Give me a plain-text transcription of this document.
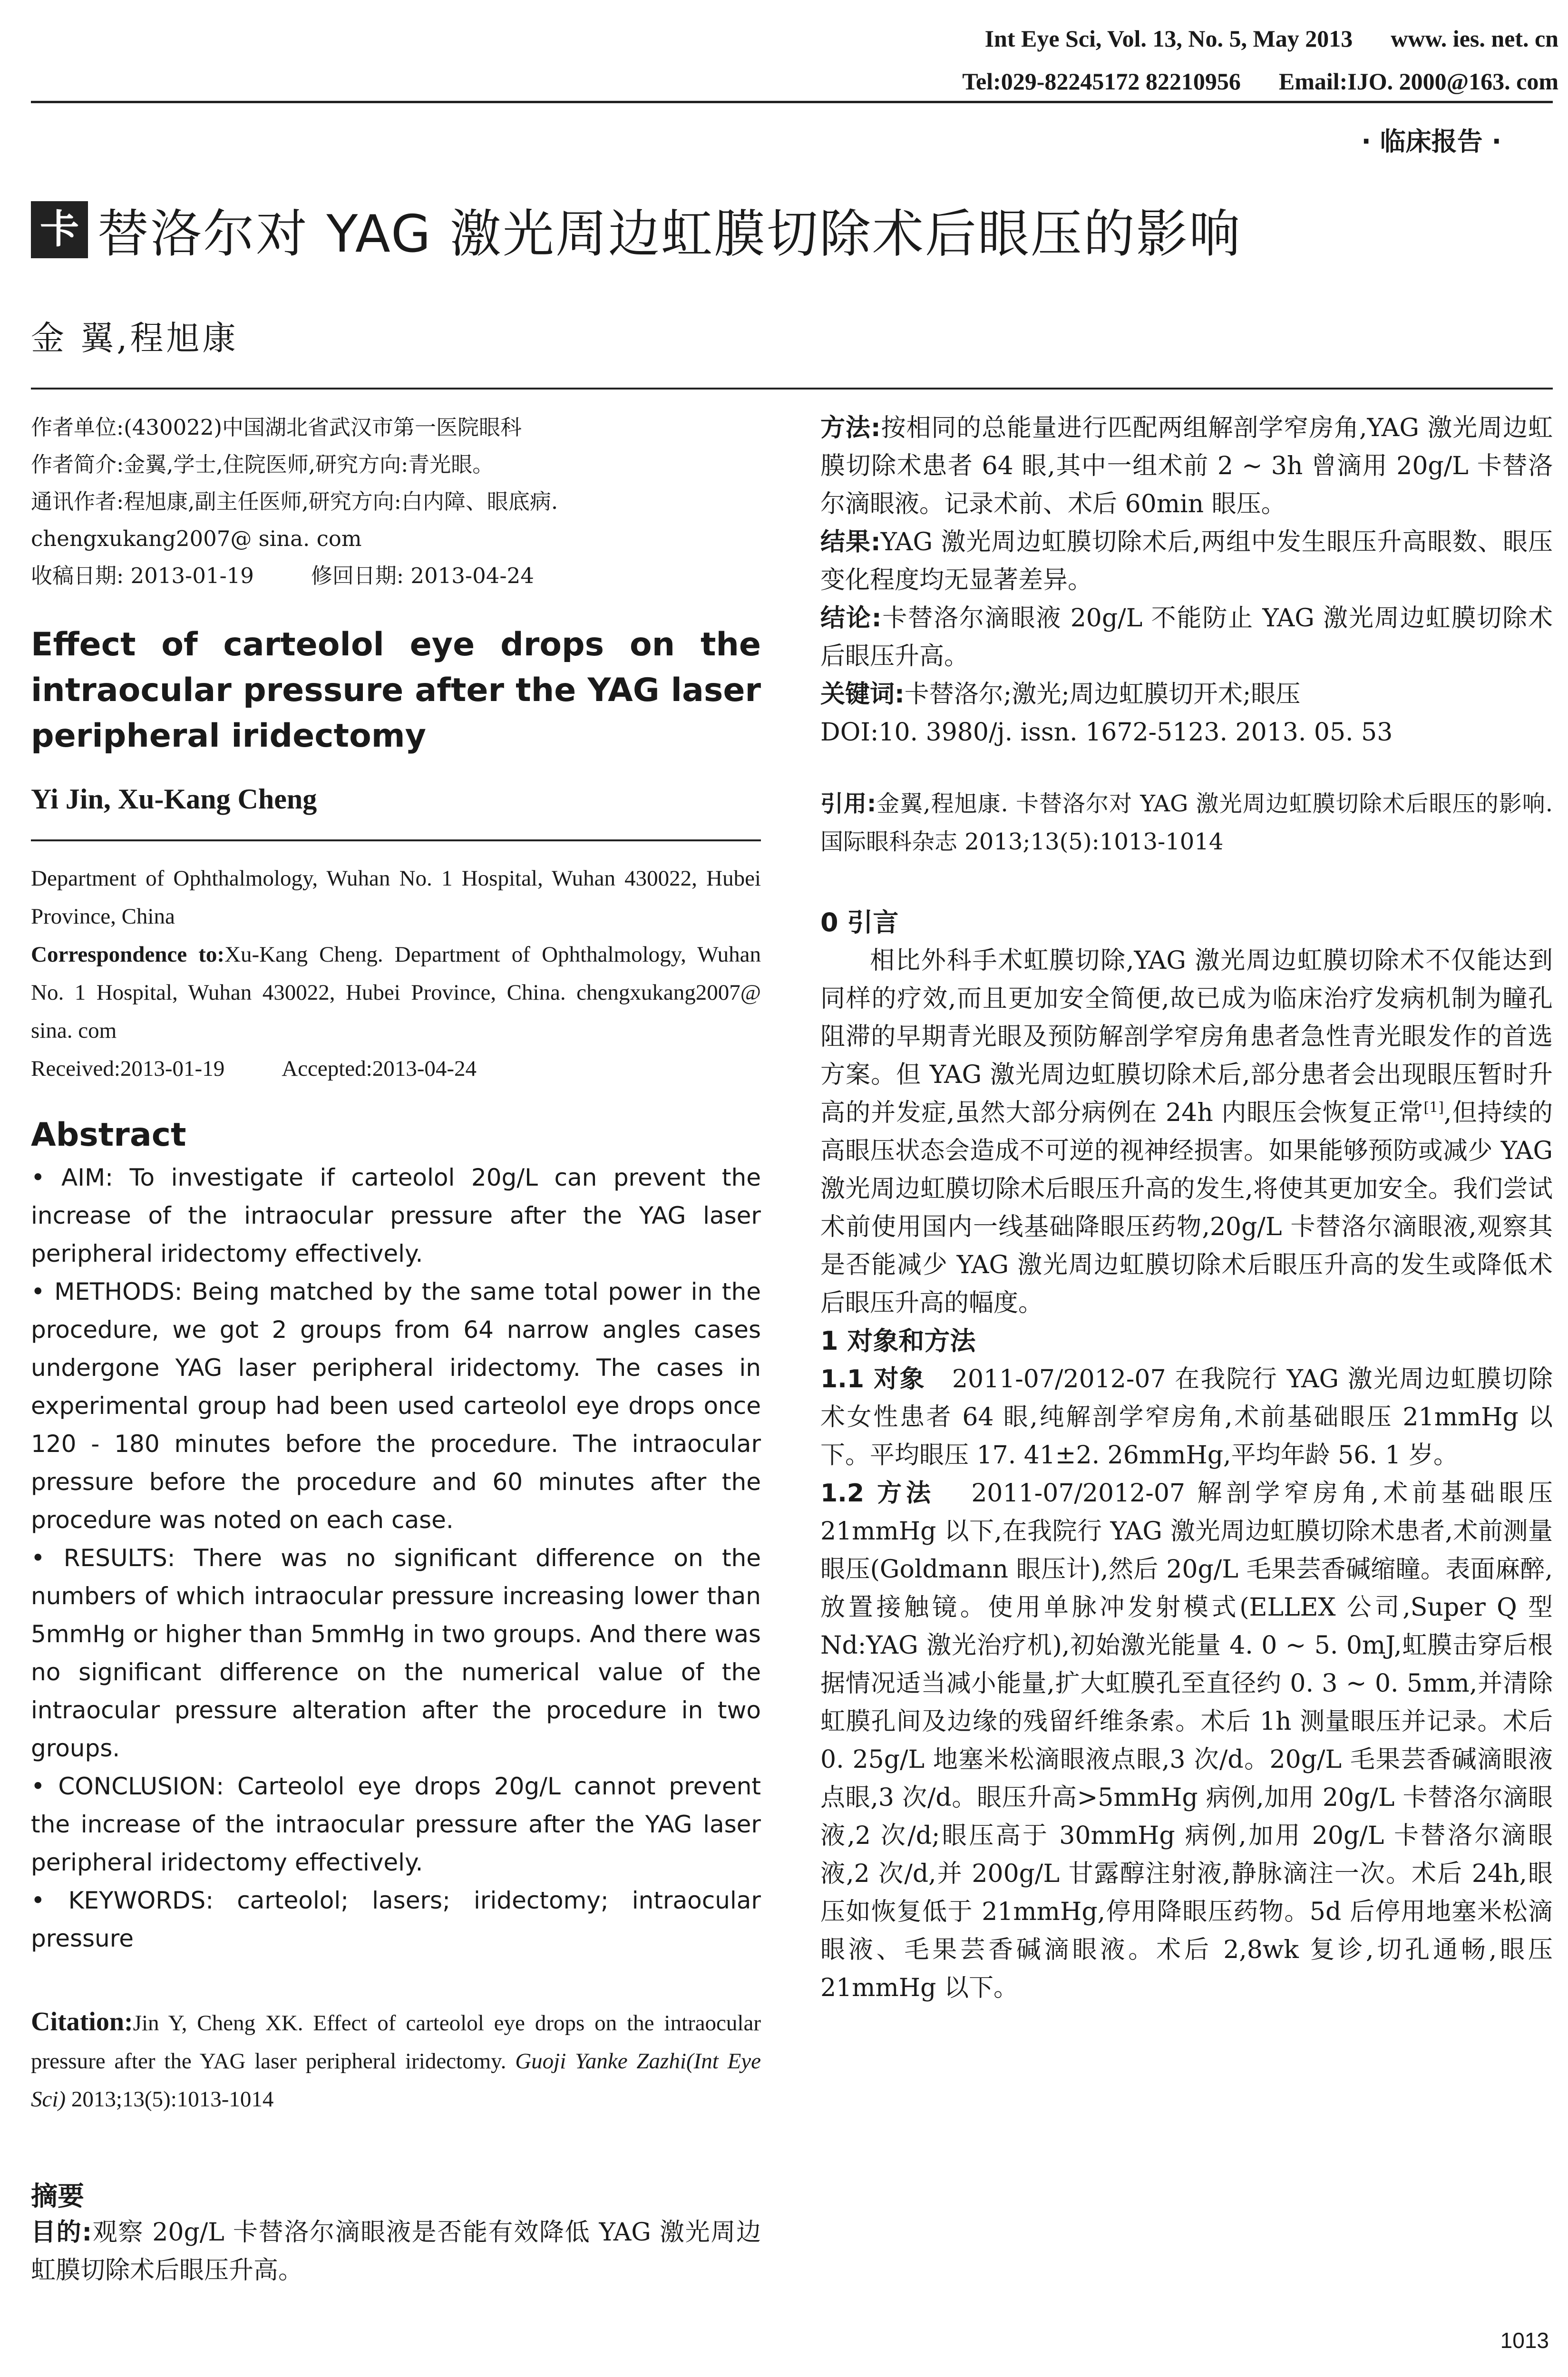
Int Eye Sci, Vol. 13, No. 5, May 2013 www. ies. net. cn
Tel:029-82245172 82210956 Email:IJO. 2000@163. com
· 临床报告 ·
卡 替洛尔对 YAG 激光周边虹膜切除术后眼压的影响
金 翼,程旭康
作者单位:(430022)中国湖北省武汉市第一医院眼科
作者简介:金翼,学士,住院医师,研究方向:青光眼。
通讯作者:程旭康,副主任医师,研究方向:白内障、眼底病.
chengxukang2007@ sina. com
收稿日期: 2013-01-19	修回日期: 2013-04-24
Effect of carteolol eye drops on the intraocular pressure after the YAG laser peripheral iridectomy
Yi Jin, Xu-Kang Cheng
Department of Ophthalmology, Wuhan No. 1 Hospital, Wuhan 430022, Hubei Province, China
Correspondence to:Xu-Kang Cheng. Department of Ophthalmology, Wuhan No. 1 Hospital, Wuhan 430022, Hubei Province, China. chengxukang2007@ sina. com
Received:2013-01-19	Accepted:2013-04-24
Abstract

• AIM: To investigate if carteolol 20g/L can prevent the increase of the intraocular pressure after the YAG laser peripheral iridectomy effectively.

• METHODS: Being matched by the same total power in the procedure, we got 2 groups from 64 narrow angles cases undergone YAG laser peripheral iridectomy. The cases in experimental group had been used carteolol eye drops once 120 - 180 minutes before the procedure. The intraocular pressure before the procedure and 60 minutes after the procedure was noted on each case.

• RESULTS: There was no significant difference on the numbers of which intraocular pressure increasing lower than 5mmHg or higher than 5mmHg in two groups. And there was no significant difference on the numerical value of the intraocular pressure alteration after the procedure in two groups.

• CONCLUSION: Carteolol eye drops 20g/L cannot prevent the increase of the intraocular pressure after the YAG laser peripheral iridectomy effectively.

• KEYWORDS: carteolol; lasers; iridectomy; intraocular pressure

Citation:Jin Y, Cheng XK. Effect of carteolol eye drops on the intraocular pressure after the YAG laser peripheral iridectomy. Guoji Yanke Zazhi(Int Eye Sci) 2013;13(5):1013-1014
摘要
目的:观察 20g/L 卡替洛尔滴眼液是否能有效降低 YAG 激光周边虹膜切除术后眼压升高。

方法:按相同的总能量进行匹配两组解剖学窄房角,YAG 激光周边虹膜切除术患者 64 眼,其中一组术前 2 ~ 3h 曾滴用 20g/L 卡替洛尔滴眼液。记录术前、术后 60min 眼压。

结果:YAG 激光周边虹膜切除术后,两组中发生眼压升高眼数、眼压变化程度均无显著差异。

结论:卡替洛尔滴眼液 20g/L 不能防止 YAG 激光周边虹膜切除术后眼压升高。

关键词:卡替洛尔;激光;周边虹膜切开术;眼压

DOI:10. 3980/j. issn. 1672-5123. 2013. 05. 53

引用:金翼,程旭康. 卡替洛尔对 YAG 激光周边虹膜切除术后眼压的影响. 国际眼科杂志 2013;13(5):1013-1014
0 引言

相比外科手术虹膜切除,YAG 激光周边虹膜切除术不仅能达到同样的疗效,而且更加安全简便,故已成为临床治疗发病机制为瞳孔阻滞的早期青光眼及预防解剖学窄房角患者急性青光眼发作的首选方案。但 YAG 激光周边虹膜切除术后,部分患者会出现眼压暂时升高的并发症,虽然大部分病例在 24h 内眼压会恢复正常[1],但持续的高眼压状态会造成不可逆的视神经损害。如果能够预防或减少 YAG 激光周边虹膜切除术后眼压升高的发生,将使其更加安全。我们尝试术前使用国内一线基础降眼压药物,20g/L 卡替洛尔滴眼液,观察其是否能减少 YAG 激光周边虹膜切除术后眼压升高的发生或降低术后眼压升高的幅度。

1 对象和方法

1.1 对象 2011-07/2012-07 在我院行 YAG 激光周边虹膜切除术女性患者 64 眼,纯解剖学窄房角,术前基础眼压 21mmHg 以下。平均眼压 17. 41±2. 26mmHg,平均年龄 56. 1 岁。

1.2 方法 2011-07/2012-07 解剖学窄房角,术前基础眼压 21mmHg 以下,在我院行 YAG 激光周边虹膜切除术患者,术前测量眼压(Goldmann 眼压计),然后 20g/L 毛果芸香碱缩瞳。表面麻醉,放置接触镜。使用单脉冲发射模式(ELLEX 公司,Super Q 型 Nd:YAG 激光治疗机),初始激光能量 4. 0 ~ 5. 0mJ,虹膜击穿后根据情况适当减小能量,扩大虹膜孔至直径约 0. 3 ~ 0. 5mm,并清除虹膜孔间及边缘的残留纤维条索。术后 1h 测量眼压并记录。术后 0. 25g/L 地塞米松滴眼液点眼,3 次/d。20g/L 毛果芸香碱滴眼液点眼,3 次/d。眼压升高>5mmHg 病例,加用 20g/L 卡替洛尔滴眼液,2 次/d;眼压高于 30mmHg 病例,加用 20g/L 卡替洛尔滴眼液,2 次/d,并 200g/L 甘露醇注射液,静脉滴注一次。术后 24h,眼压如恢复低于 21mmHg,停用降眼压药物。5d 后停用地塞米松滴眼液、毛果芸香碱滴眼液。术后 2,8wk 复诊,切孔通畅,眼压 21mmHg 以下。

1013
